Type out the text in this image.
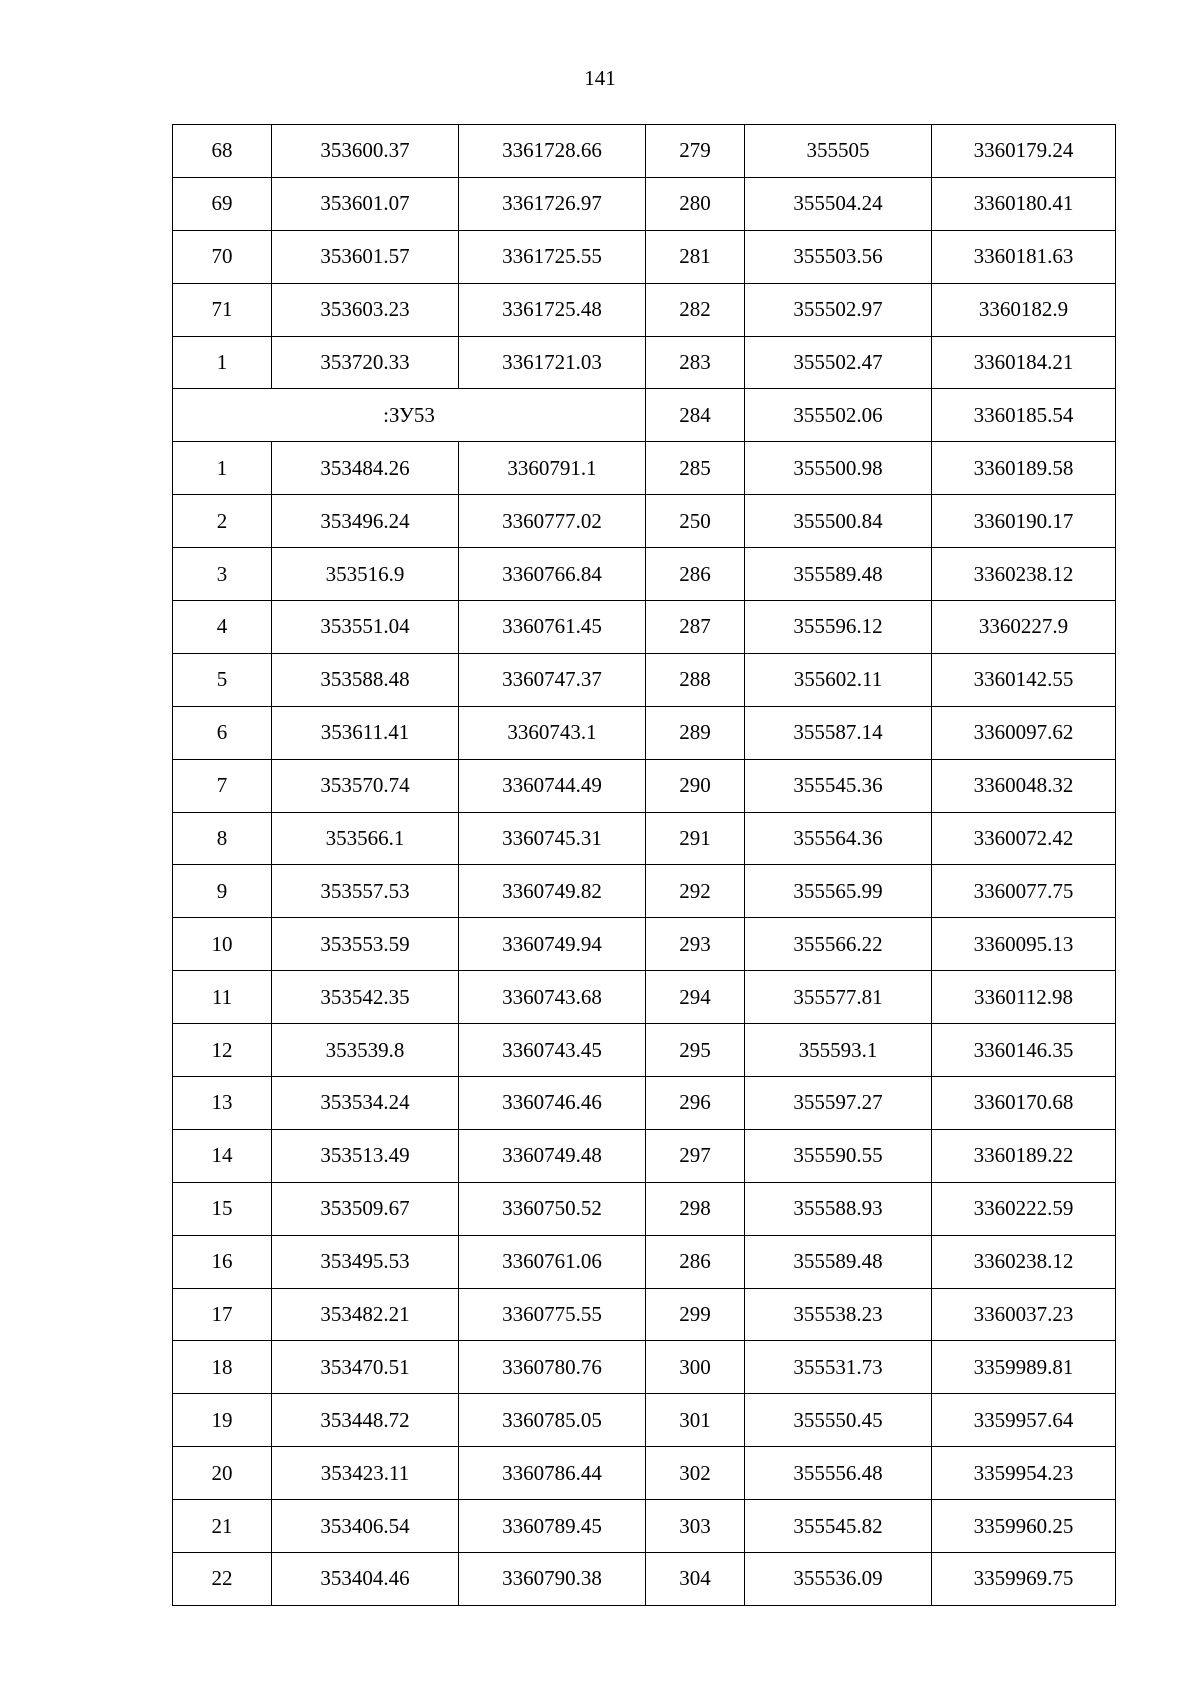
141
68	353600.37	3361728.66	279	355505	3360179.24
69	353601.07	3361726.97	280	355504.24	3360180.41
70	353601.57	3361725.55	281	355503.56	3360181.63
71	353603.23	3361725.48	282	355502.97	3360182.9
1	353720.33	3361721.03	283	355502.47	3360184.21
:ЗУ53			284	355502.06	3360185.54
1	353484.26	3360791.1	285	355500.98	3360189.58
2	353496.24	3360777.02	250	355500.84	3360190.17
3	353516.9	3360766.84	286	355589.48	3360238.12
4	353551.04	3360761.45	287	355596.12	3360227.9
5	353588.48	3360747.37	288	355602.11	3360142.55
6	353611.41	3360743.1	289	355587.14	3360097.62
7	353570.74	3360744.49	290	355545.36	3360048.32
8	353566.1	3360745.31	291	355564.36	3360072.42
9	353557.53	3360749.82	292	355565.99	3360077.75
10	353553.59	3360749.94	293	355566.22	3360095.13
11	353542.35	3360743.68	294	355577.81	3360112.98
12	353539.8	3360743.45	295	355593.1	3360146.35
13	353534.24	3360746.46	296	355597.27	3360170.68
14	353513.49	3360749.48	297	355590.55	3360189.22
15	353509.67	3360750.52	298	355588.93	3360222.59
16	353495.53	3360761.06	286	355589.48	3360238.12
17	353482.21	3360775.55	299	355538.23	3360037.23
18	353470.51	3360780.76	300	355531.73	3359989.81
19	353448.72	3360785.05	301	355550.45	3359957.64
20	353423.11	3360786.44	302	355556.48	3359954.23
21	353406.54	3360789.45	303	355545.82	3359960.25
22	353404.46	3360790.38	304	355536.09	3359969.75
